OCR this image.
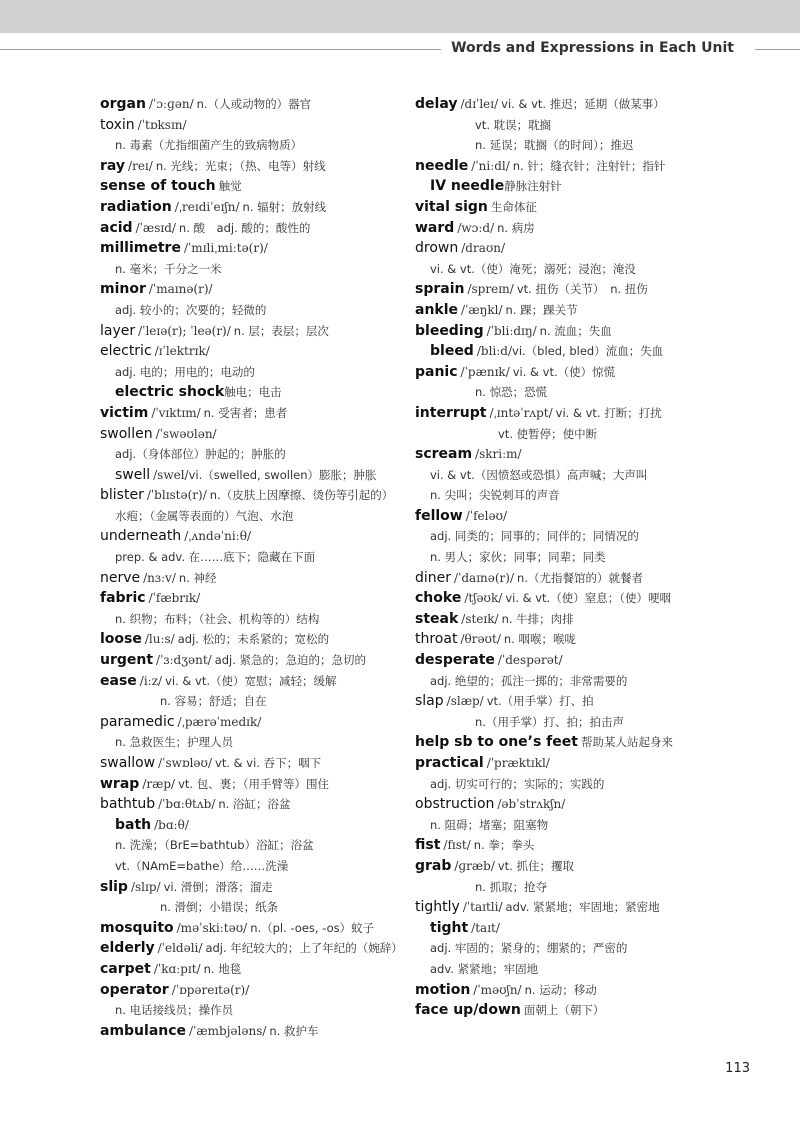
Words and Expressions in Each Unit
organ /ˈɔːɡən/ n.（人或动物的）器官
toxin /ˈtɒksɪn/
n. 毒素（尤指细菌产生的致病物质）
ray /reɪ/ n. 光线；光束；（热、电等）射线
sense of touch 触觉
radiation /ˌreɪdiˈeɪʃn/ n. 辐射；放射线
acid /ˈæsɪd/ n. 酸　adj. 酸的；酸性的
millimetre /ˈmɪliˌmiːtə(r)/
n. 毫米；千分之一米
minor /ˈmaɪnə(r)/
adj. 较小的；次要的；轻微的
layer /ˈleɪə(r); ˈleə(r)/ n. 层；表层；层次
electric /ɪˈlektrɪk/
adj. 电的；用电的；电动的
electric shock触电；电击
victim /ˈvɪktɪm/ n. 受害者；患者
swollen /ˈswəʊlən/
adj.（身体部位）肿起的；肿胀的
swell /swel/vi.（swelled, swollen）膨胀；肿胀
blister /ˈblɪstə(r)/ n.（皮肤上因摩擦、烫伤等引起的）
水疱；（金属等表面的）气泡、水泡
underneath /ˌʌndəˈniːθ/
prep. & adv. 在……底下；隐藏在下面
nerve /nɜːv/ n. 神经
fabric /ˈfæbrɪk/
n. 织物；布料；（社会、机构等的）结构
loose /luːs/ adj. 松的；未系紧的；宽松的
urgent /ˈɜːdʒənt/ adj. 紧急的；急迫的；急切的
ease /iːz/ vi. & vt.（使）宽慰；减轻；缓解
n. 容易；舒适；自在
paramedic /ˌpærəˈmedɪk/
n. 急救医生；护理人员
swallow /ˈswɒləʊ/ vt. & vi. 吞下；咽下
wrap /ræp/ vt. 包、裹；（用手臂等）围住
bathtub /ˈbɑːθtʌb/ n. 浴缸；浴盆
bath /bɑːθ/
n. 洗澡；（BrE=bathtub）浴缸；浴盆
vt.（NAmE=bathe）给……洗澡
slip /slɪp/ vi. 滑倒；滑落；溜走
n. 滑倒；小错误；纸条
mosquito /məˈskiːtəʊ/ n.（pl. -oes, -os）蚊子
elderly /ˈeldəli/ adj. 年纪较大的；上了年纪的（婉辞）
carpet /ˈkɑːpɪt/ n. 地毯
operator /ˈɒpəreɪtə(r)/
n. 电话接线员；操作员
ambulance /ˈæmbjələns/ n. 救护车
delay /dɪˈleɪ/ vi. & vt. 推迟；延期（做某事）
vt. 耽误；耽搁
n. 延误；耽搁（的时间）；推迟
needle /ˈniːdl/ n. 针；缝衣针；注射针；指针
IV needle静脉注射针
vital sign 生命体征
ward /wɔːd/ n. 病房
drown /draʊn/
vi. & vt.（使）淹死；溺死；浸泡；淹没
sprain /spreɪn/ vt. 扭伤（关节）　n. 扭伤
ankle /ˈæŋkl/ n. 踝；踝关节
bleeding /ˈbliːdɪŋ/ n. 流血；失血
bleed /bliːd/vi.（bled, bled）流血；失血
panic /ˈpænɪk/ vi. & vt.（使）惊慌
n. 惊恐；恐慌
interrupt /ˌɪntəˈrʌpt/ vi. & vt. 打断；打扰
vt. 使暂停；使中断
scream /skriːm/
vi. & vt.（因愤怒或恐惧）高声喊；大声叫
n. 尖叫；尖锐刺耳的声音
fellow /ˈfeləʊ/
adj. 同类的；同事的；同伴的；同情况的
n. 男人；家伙；同事；同辈；同类
diner /ˈdaɪnə(r)/ n.（尤指餐馆的）就餐者
choke /tʃəʊk/ vi. & vt.（使）窒息；（使）哽咽
steak /steɪk/ n. 牛排；肉排
throat /θrəʊt/ n. 咽喉；喉咙
desperate /ˈdespərət/
adj. 绝望的；孤注一掷的；非常需要的
slap /slæp/ vt.（用手掌）打、拍
n.（用手掌）打、拍；拍击声
help sb to one’s feet 帮助某人站起身来
practical /ˈpræktɪkl/
adj. 切实可行的；实际的；实践的
obstruction /əbˈstrʌkʃn/
n. 阻碍；堵塞；阻塞物
fist /fɪst/ n. 拳；拳头
grab /ɡræb/ vt. 抓住；攫取
n. 抓取；抢夺
tightly /ˈtaɪtli/ adv. 紧紧地；牢固地；紧密地
tight /taɪt/
adj. 牢固的；紧身的；绷紧的；严密的
adv. 紧紧地；牢固地
motion /ˈməʊʃn/ n. 运动；移动
face up/down 面朝上（朝下）
113
